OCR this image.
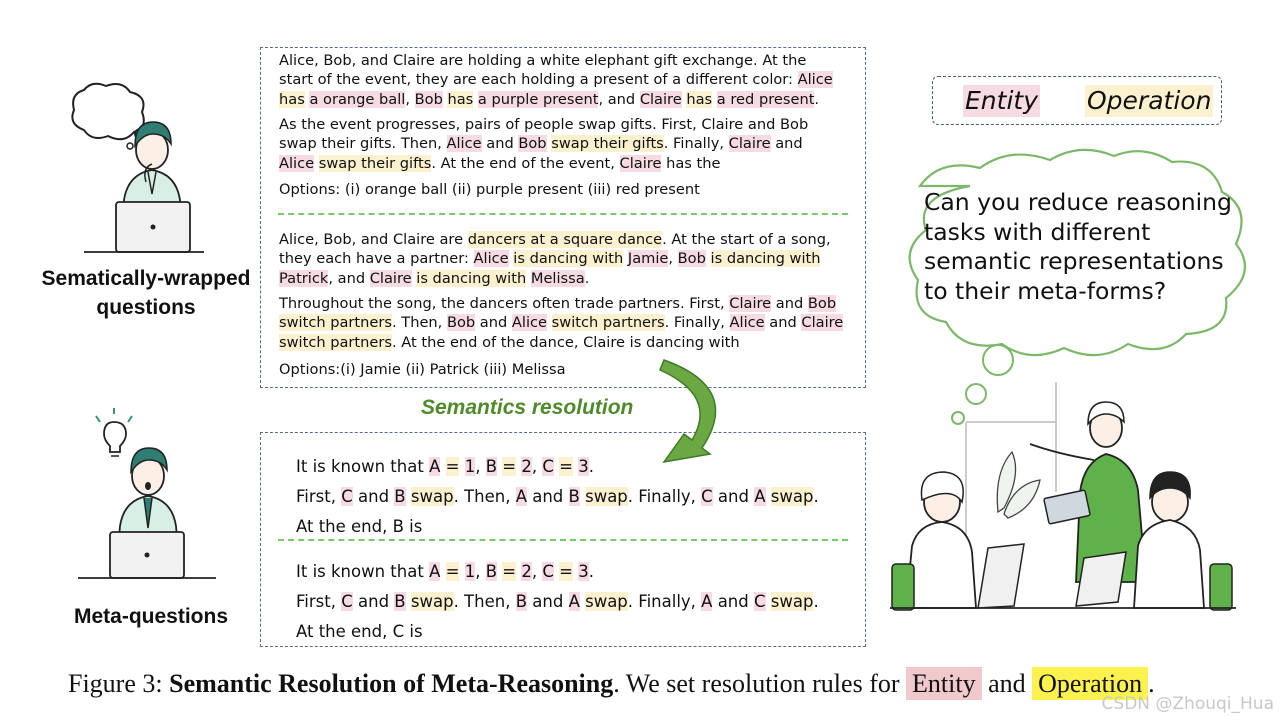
Sematically-wrapped
questions
Meta-questions
Alice, Bob, and Claire are holding a white elephant gift exchange. At the
start of the event, they are each holding a present of a different color: Alice
has a orange ball, Bob has a purple present, and Claire has a red present.
As the event progresses, pairs of people swap gifts. First, Claire and Bob
swap their gifts. Then, Alice and Bob swap their gifts. Finally, Claire and
Alice swap their gifts. At the end of the event, Claire has the
Options: (i) orange ball (ii) purple present (iii) red present
Alice, Bob, and Claire are dancers at a square dance. At the start of a song,
they each have a partner: Alice is dancing with Jamie, Bob is dancing with
Patrick, and Claire is dancing with Melissa.
Throughout the song, the dancers often trade partners. First, Claire and Bob
switch partners. Then, Bob and Alice switch partners. Finally, Alice and Claire
switch partners. At the end of the dance, Claire is dancing with
Options:(i) Jamie (ii) Patrick (iii) Melissa
Semantics resolution
It is known that A = 1, B = 2, C = 3.
First, C and B swap. Then, A and B swap. Finally, C and A swap.
At the end, B is
It is known that A = 1, B = 2, C = 3.
First, C and B swap. Then, B and A swap. Finally, A and C swap.
At the end, C is
Entity Operation
Can you reduce reasoning
tasks with different
semantic representations
to their meta-forms?
Figure 3: Semantic Resolution of Meta-Reasoning. We set resolution rules for Entity and Operation .
CSDN @Zhouqi_Hua
